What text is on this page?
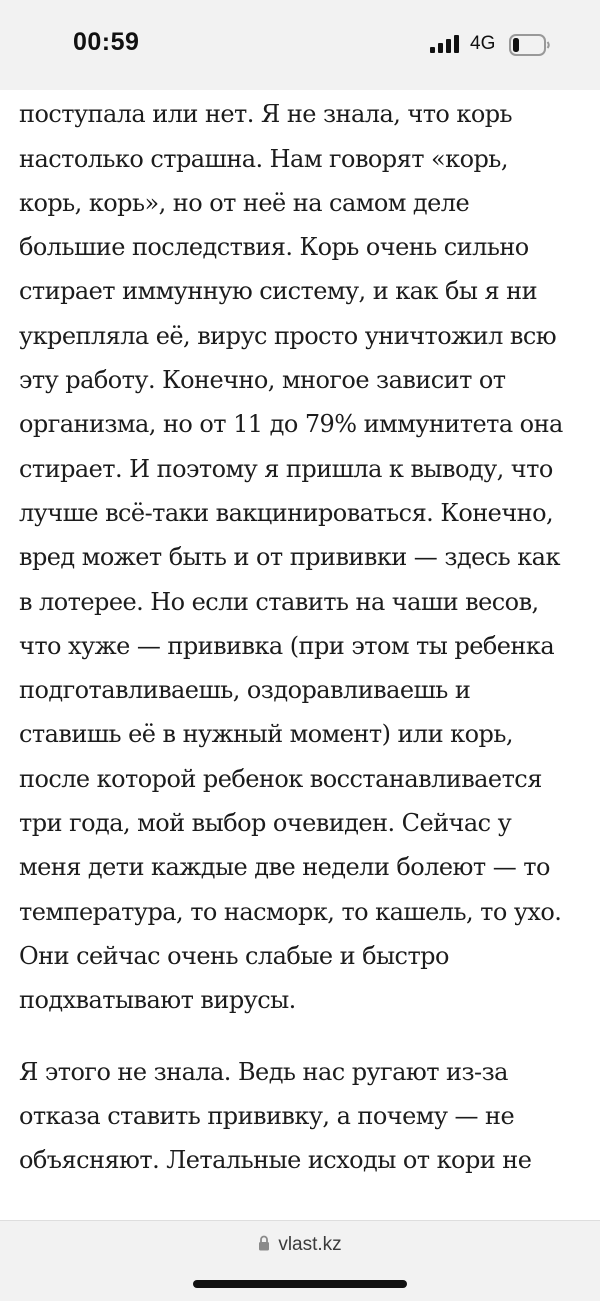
00:59	4G

поступала или нет. Я не знала, что корь
настолько страшна. Нам говорят «корь,
корь, корь», но от неё на самом деле
большие последствия. Корь очень сильно
стирает иммунную систему, и как бы я ни
укрепляла её, вирус просто уничтожил всю
эту работу. Конечно, многое зависит от
организма, но от 11 до 79% иммунитета она
стирает. И поэтому я пришла к выводу, что
лучше всё-таки вакцинироваться. Конечно,
вред может быть и от прививки — здесь как
в лотерее. Но если ставить на чаши весов,
что хуже — прививка (при этом ты ребенка
подготавливаешь, оздоравливаешь и
ставишь её в нужный момент) или корь,
после которой ребенок восстанавливается
три года, мой выбор очевиден. Сейчас у
меня дети каждые две недели болеют — то
температура, то насморк, то кашель, то ухо.
Они сейчас очень слабые и быстро
подхватывают вирусы.

Я этого не знала. Ведь нас ругают из-за
отказа ставить прививку, а почему — не
объясняют. Летальные исходы от кори не

vlast.kz
